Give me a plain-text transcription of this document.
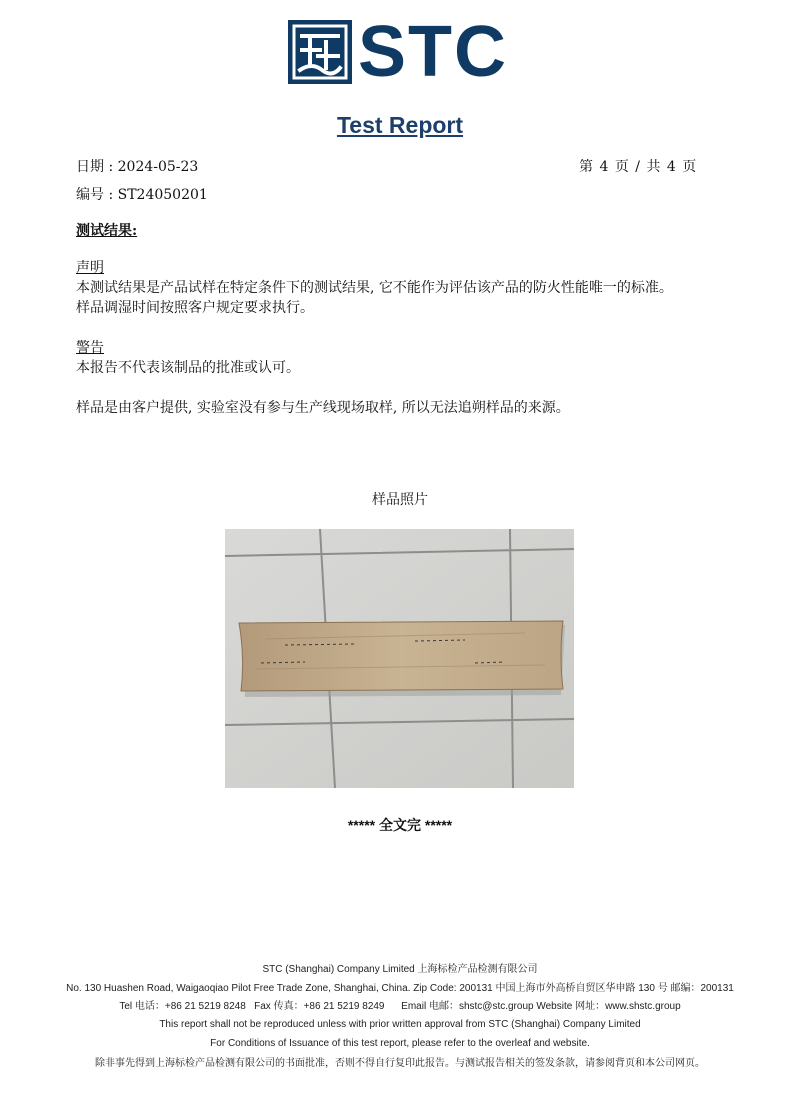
STC
Test Report
日期 : 2024-05-23
编号 : ST24050201
第 4 页 / 共 4 页
测试结果:
声明
本测试结果是产品试样在特定条件下的测试结果, 它不能作为评估该产品的防火性能唯一的标准。
样品调湿时间按照客户规定要求执行。
警告
本报告不代表该制品的批准或认可。
样品是由客户提供, 实验室没有参与生产线现场取样, 所以无法追朔样品的来源。
样品照片
***** 全文完 *****
STC (Shanghai) Company Limited 上海标检产品检测有限公司
No. 130 Huashen Road, Waigaoqiao Pilot Free Trade Zone, Shanghai, China. Zip Code: 200131 中国上海市外高桥自贸区华申路 130 号 邮编：200131
Tel 电话：+86 21 5219 8248   Fax 传真：+86 21 5219 8249      Email 电邮：shstc@stc.group Website 网址：www.shstc.group
This report shall not be reproduced unless with prior written approval from STC (Shanghai) Company Limited
For Conditions of Issuance of this test report, please refer to the overleaf and website.
除非事先得到上海标检产品检测有限公司的书面批准，否则不得自行复印此报告。与测试报告相关的签发条款，请参阅背页和本公司网页。
